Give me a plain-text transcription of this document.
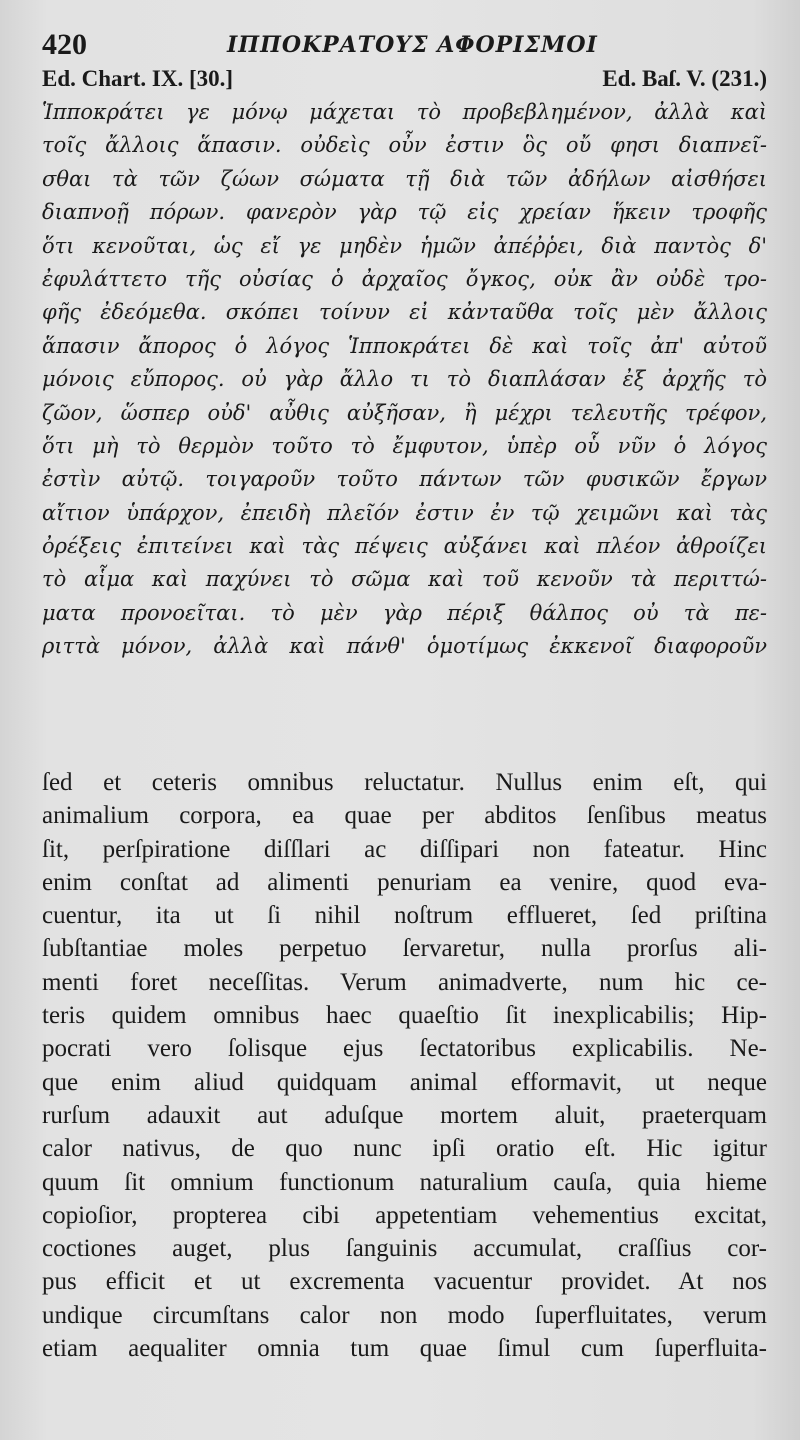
420	ΙΠΠΟΚΡΑΤΟΥΣ ΑΦΟΡΙΣΜΟΙ
Ed. Chart. IX. [30.]	Ed. Baſ. V. (231.)
Ἱπποκράτει γε μόνῳ μάχεται τὸ προβεβλημένον, ἀλλὰ καὶ
τοῖς ἄλλοις ἅπασιν. οὐδεὶς οὖν ἐστιν ὃς οὔ φησι διαπνεῖ-
σθαι τὰ τῶν ζώων σώματα τῇ διὰ τῶν ἀδήλων αἰσθήσει
διαπνοῇ πόρων. φανερὸν γὰρ τῷ εἰς χρείαν ἥκειν τροφῆς
ὅτι κενοῦται, ὡς εἴ γε μηδὲν ἡμῶν ἀπέῤῥει, διὰ παντὸς δ'
ἐφυλάττετο τῆς οὐσίας ὁ ἀρχαῖος ὄγκος, οὐκ ἂν οὐδὲ τρο-
φῆς ἐδεόμεθα. σκόπει τοίνυν εἰ κἀνταῦθα τοῖς μὲν ἄλλοις
ἅπασιν ἄπορος ὁ λόγος Ἱπποκράτει δὲ καὶ τοῖς ἀπ' αὐτοῦ
μόνοις εὔπορος. οὐ γὰρ ἄλλο τι τὸ διαπλάσαν ἐξ ἀρχῆς τὸ
ζῶον, ὥσπερ οὐδ' αὖθις αὐξῆσαν, ἢ μέχρι τελευτῆς τρέφον,
ὅτι μὴ τὸ θερμὸν τοῦτο τὸ ἔμφυτον, ὑπὲρ οὗ νῦν ὁ λόγος
ἐστὶν αὐτῷ. τοιγαροῦν τοῦτο πάντων τῶν φυσικῶν ἔργων
αἴτιον ὑπάρχον, ἐπειδὴ πλεῖόν ἐστιν ἐν τῷ χειμῶνι καὶ τὰς
ὀρέξεις ἐπιτείνει καὶ τὰς πέψεις αὐξάνει καὶ πλέον ἀθροίζει
τὸ αἷμα καὶ παχύνει τὸ σῶμα καὶ τοῦ κενοῦν τὰ περιττώ-
ματα προνοεῖται. τὸ μὲν γὰρ πέριξ θάλπος οὐ τὰ πε-
ριττὰ μόνον, ἀλλὰ καὶ πάνθ' ὁμοτίμως ἐκκενοῖ διαφοροῦν
ſed et ceteris omnibus reluctatur. Nullus enim eſt, qui
animalium corpora, ea quae per abditos ſenſibus meatus
ſit, perſpiratione diſſlari ac diſſipari non fateatur. Hinc
enim conſtat ad alimenti penuriam ea venire, quod eva-
cuentur, ita ut ſi nihil noſtrum efflueret, ſed priſtina
ſubſtantiae moles perpetuo ſervaretur, nulla prorſus ali-
menti foret neceſſitas. Verum animadverte, num hic ce-
teris quidem omnibus haec quaeſtio ſit inexplicabilis; Hip-
pocrati vero ſolisque ejus ſectatoribus explicabilis. Ne-
que enim aliud quidquam animal efformavit, ut neque
rurſum adauxit aut aduſque mortem aluit, praeterquam
calor nativus, de quo nunc ipſi oratio eſt. Hic igitur
quum ſit omnium functionum naturalium cauſa, quia hieme
copioſior, propterea cibi appetentiam vehementius excitat,
coctiones auget, plus ſanguinis accumulat, craſſius cor-
pus efficit et ut excrementa vacuentur providet. At nos
undique circumſtans calor non modo ſuperfluitates, verum
etiam aequaliter omnia tum quae ſimul cum ſuperfluita-
